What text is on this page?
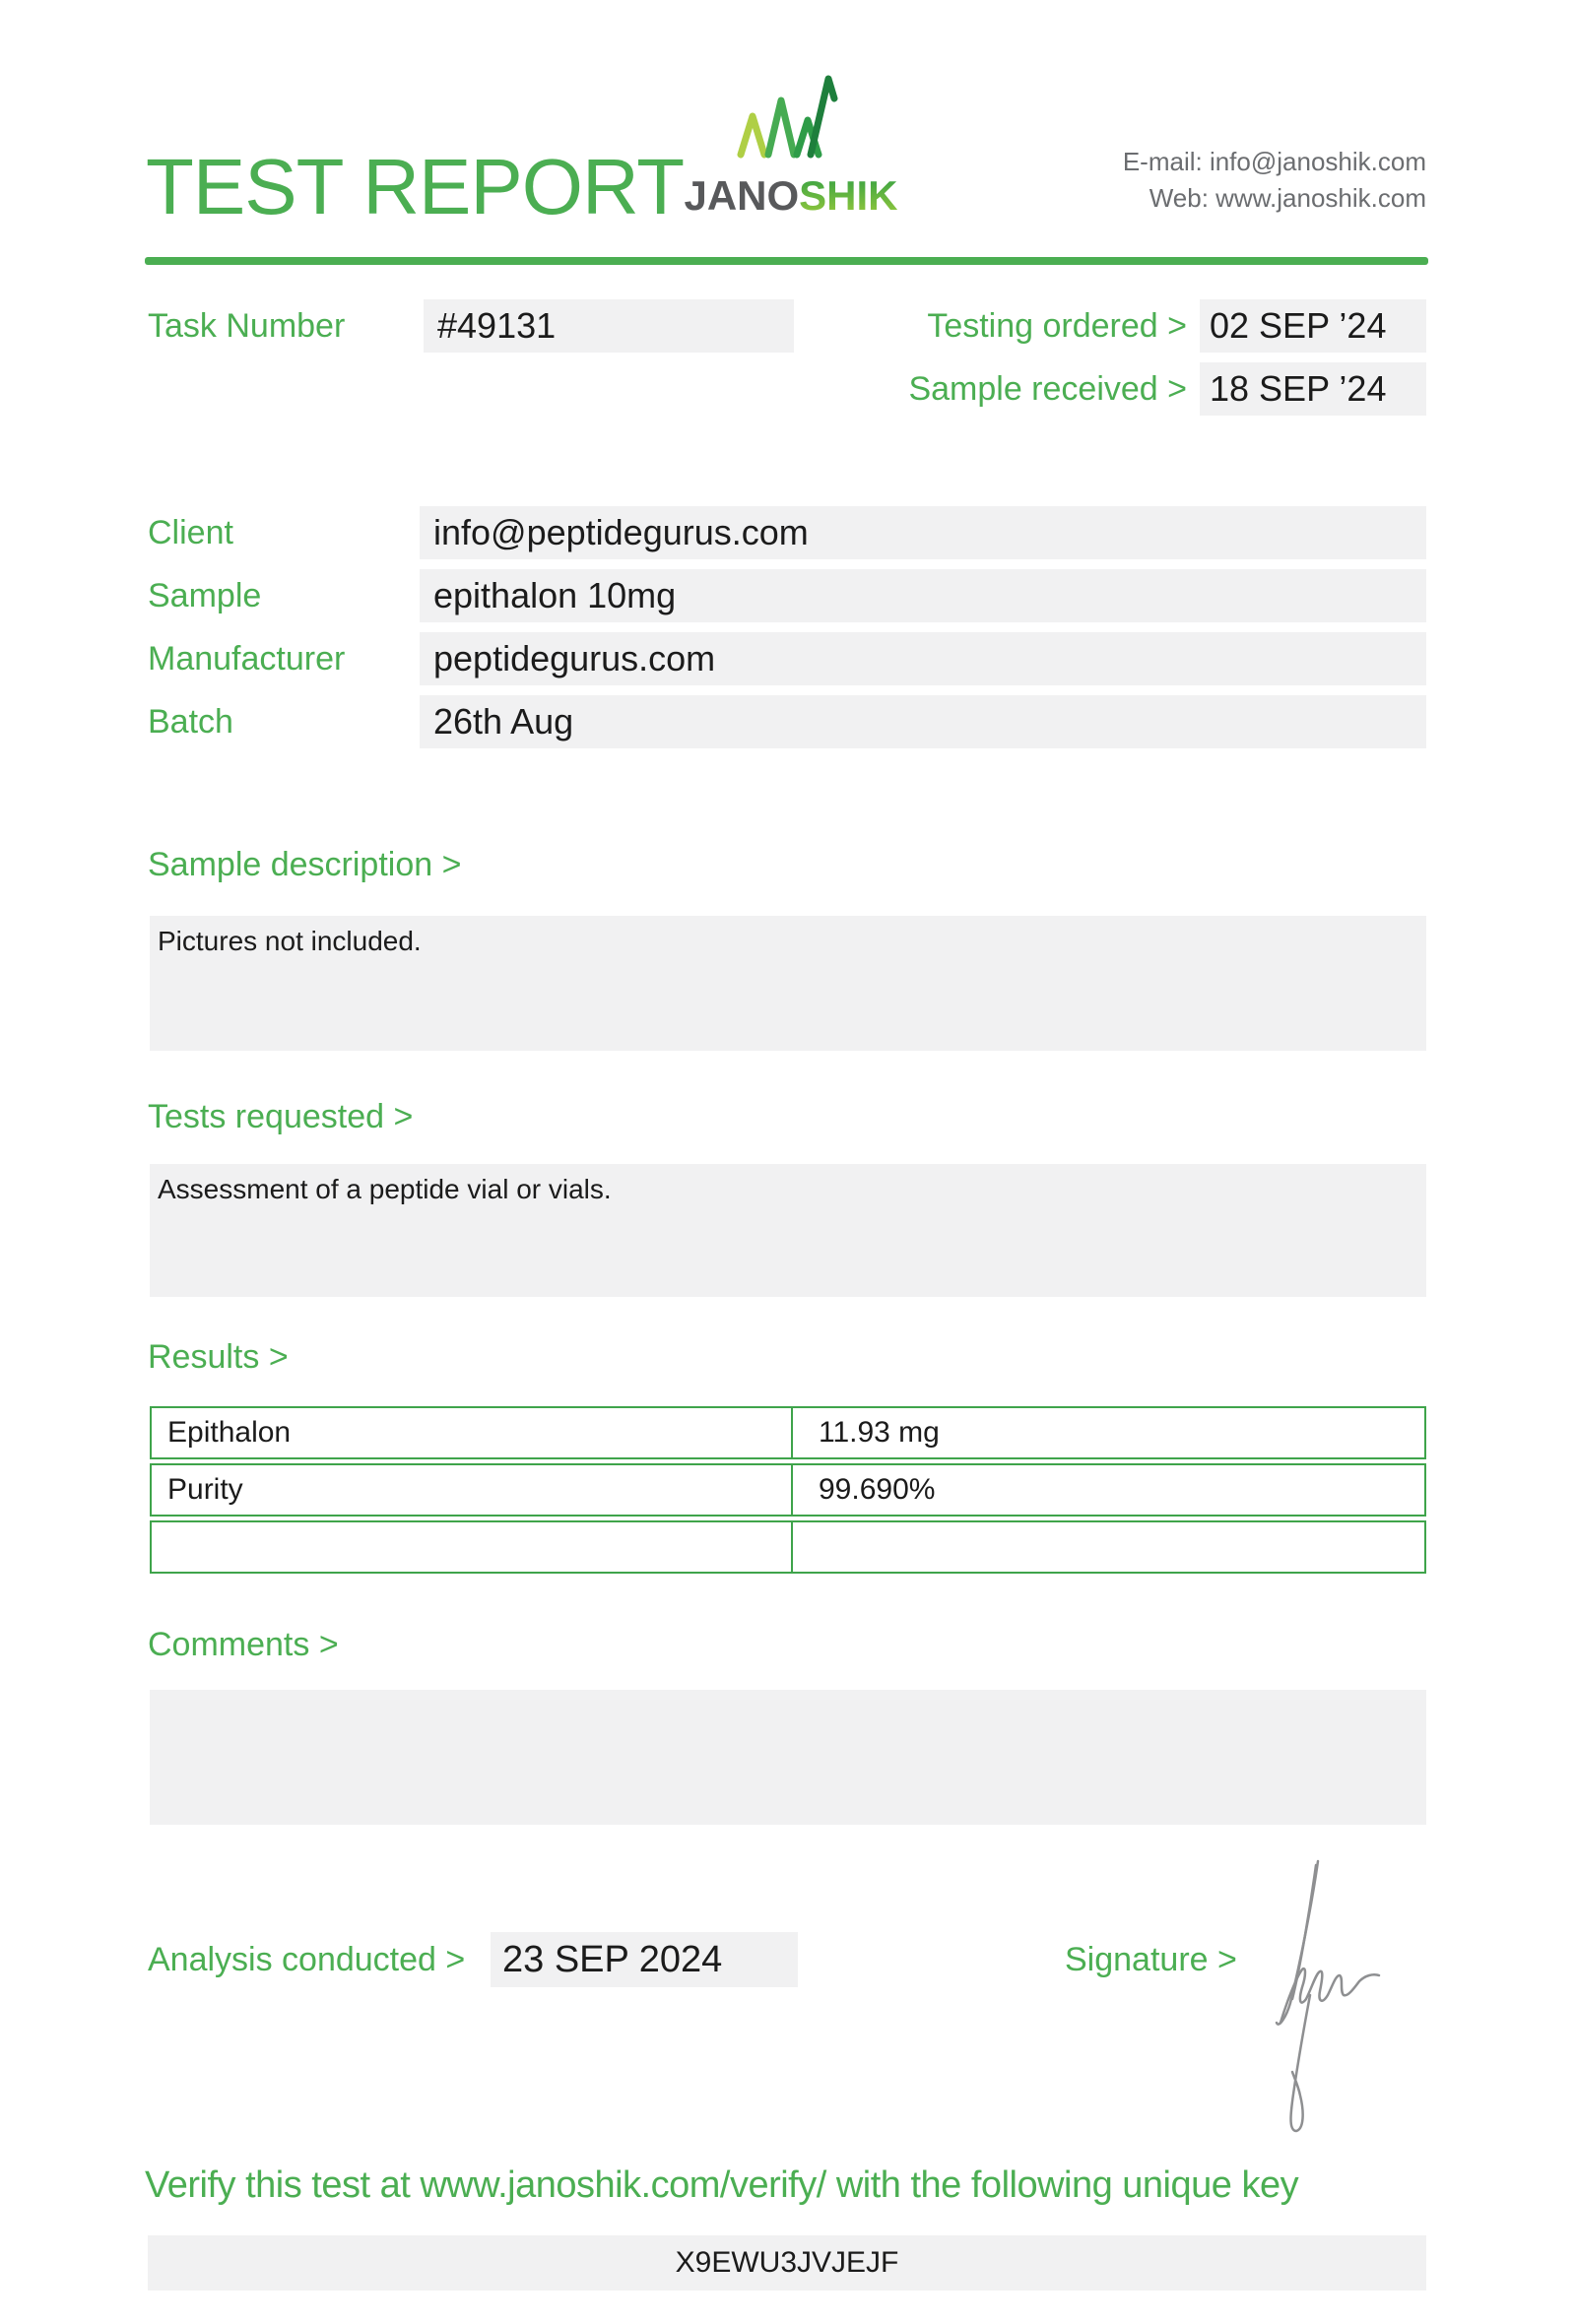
TEST REPORT JANOSHIK
E-mail: info@janoshik.com
Web: www.janoshik.com
Task Number	#49131	Testing ordered > 02 SEP ’24
Sample received > 18 SEP ’24
Client	info@peptidegurus.com
Sample	epithalon 10mg
Manufacturer	peptidegurus.com
Batch	26th Aug
Sample description >
Pictures not included.
Tests requested >
Assessment of a peptide vial or vials.
Results >
Epithalon	11.93 mg
Purity	99.690%
Comments >
Analysis conducted > 23 SEP 2024	Signature >
Verify this test at www.janoshik.com/verify/ with the following unique key
X9EWU3JVJEJF
